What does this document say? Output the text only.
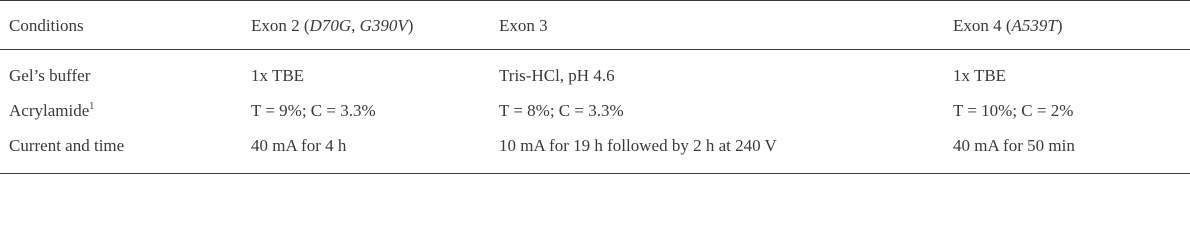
Conditions	Exon 2 (D70G, G390V)	Exon 3	Exon 4 (A539T)
Gel’s buffer	1x TBE	Tris-HCl, pH 4.6	1x TBE
Acrylamide$^1$	T = 9%; C = 3.3%	T = 8%; C = 3.3%	T = 10%; C = 2%
Current and time	40 mA for 4 h	10 mA for 19 h followed by 2 h at 240 V	40 mA for 50 min
